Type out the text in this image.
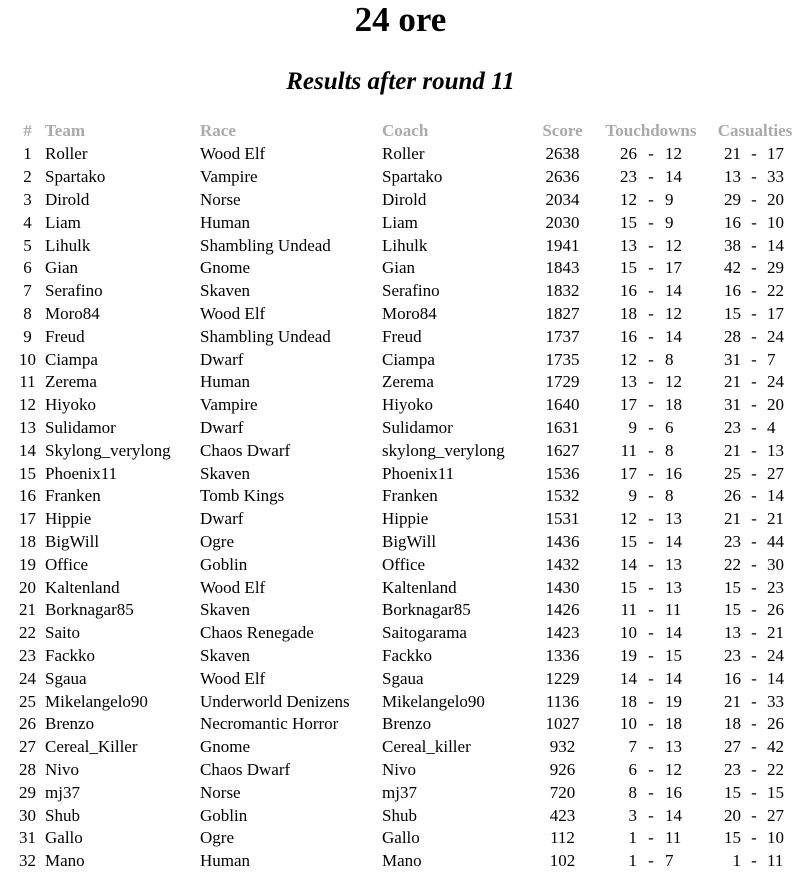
24 ore
Results after round 11
#	Team	Race	Coach	Score	Touchdowns	Casualties
1	Roller	Wood Elf	Roller	2638	26 - 12	21 - 17

2	Spartako	Vampire	Spartako	2636	23 - 14	13 - 33

3	Dirold	Norse	Dirold	2034	12 - 9	29 - 20

4	Liam	Human	Liam	2030	15 - 9	16 - 10

5	Lihulk	Shambling Undead	Lihulk	1941	13 - 12	38 - 14

6	Gian	Gnome	Gian	1843	15 - 17	42 - 29

7	Serafino	Skaven	Serafino	1832	16 - 14	16 - 22

8	Moro84	Wood Elf	Moro84	1827	18 - 12	15 - 17

9	Freud	Shambling Undead	Freud	1737	16 - 14	28 - 24

10	Ciampa	Dwarf	Ciampa	1735	12 - 8	31 - 7

11	Zerema	Human	Zerema	1729	13 - 12	21 - 24

12	Hiyoko	Vampire	Hiyoko	1640	17 - 18	31 - 20

13	Sulidamor	Dwarf	Sulidamor	1631	9 - 6	23 - 4

14	Skylong_verylong	Chaos Dwarf	skylong_verylong	1627	11 - 8	21 - 13

15	Phoenix11	Skaven	Phoenix11	1536	17 - 16	25 - 27

16	Franken	Tomb Kings	Franken	1532	9 - 8	26 - 14

17	Hippie	Dwarf	Hippie	1531	12 - 13	21 - 21

18	BigWill	Ogre	BigWill	1436	15 - 14	23 - 44

19	Office	Goblin	Office	1432	14 - 13	22 - 30

20	Kaltenland	Wood Elf	Kaltenland	1430	15 - 13	15 - 23

21	Borknagar85	Skaven	Borknagar85	1426	11 - 11	15 - 26

22	Saito	Chaos Renegade	Saitogarama	1423	10 - 14	13 - 21

23	Fackko	Skaven	Fackko	1336	19 - 15	23 - 24

24	Sgaua	Wood Elf	Sgaua	1229	14 - 14	16 - 14

25	Mikelangelo90	Underworld Denizens	Mikelangelo90	1136	18 - 19	21 - 33

26	Brenzo	Necromantic Horror	Brenzo	1027	10 - 18	18 - 26

27	Cereal_Killer	Gnome	Cereal_killer	932	7 - 13	27 - 42

28	Nivo	Chaos Dwarf	Nivo	926	6 - 12	23 - 22

29	mj37	Norse	mj37	720	8 - 16	15 - 15

30	Shub	Goblin	Shub	423	3 - 14	20 - 27

31	Gallo	Ogre	Gallo	112	1 - 11	15 - 10

32	Mano	Human	Mano	102	1 - 7	1 - 11
